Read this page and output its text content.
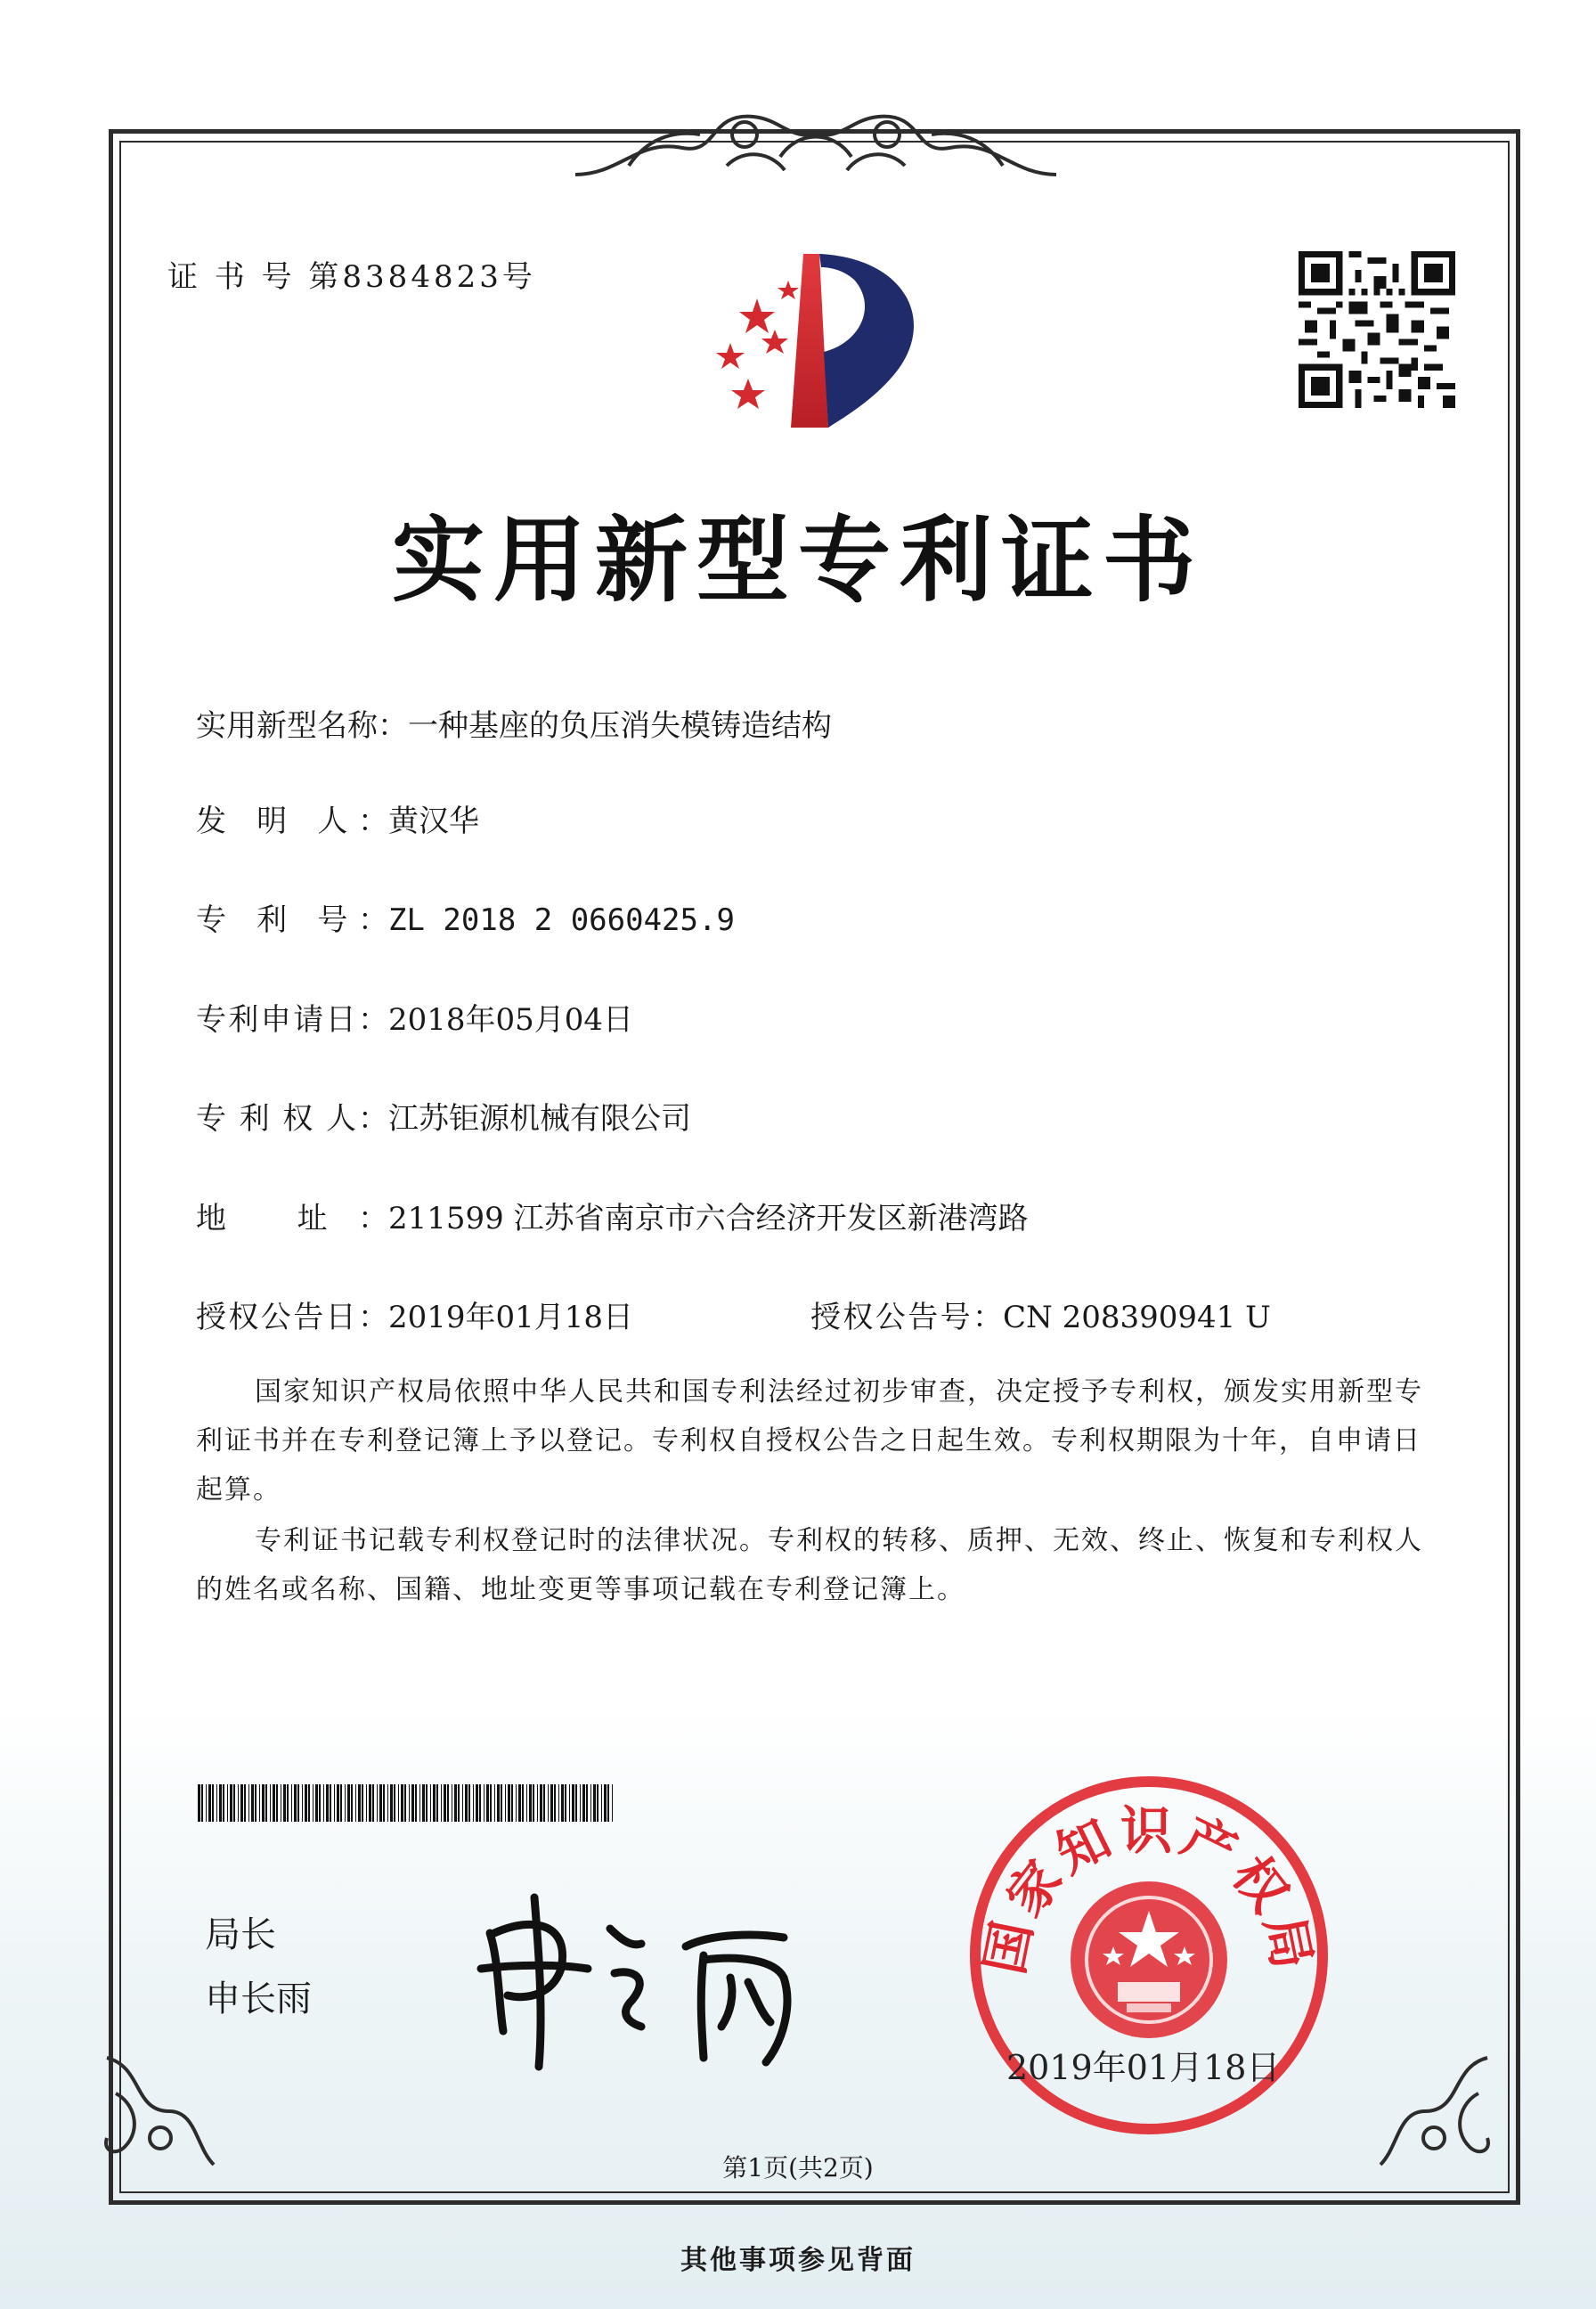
证 书 号 第8384823号
实用新型专利证书
实用新型名称：一种基座的负压消失模铸造结构
发 明 人：黄汉华
专 利 号：ZL 2018 2 0660425.9
专利申请日：2018年05月04日
专 利 权 人：江苏钜源机械有限公司
地 址：211599 江苏省南京市六合经济开发区新港湾路
授权公告日：2019年01月18日	授权公告号：CN 208390941 U
国家知识产权局依照中华人民共和国专利法经过初步审查，决定授予专利权，颁发实用新型专利证书并在专利登记簿上予以登记。专利权自授权公告之日起生效。专利权期限为十年，自申请日起算。
专利证书记载专利权登记时的法律状况。专利权的转移、质押、无效、终止、恢复和专利权人的姓名或名称、国籍、地址变更等事项记载在专利登记簿上。
局长
申长雨
国家知识产权局
2019年01月18日
第1页(共2页)
其他事项参见背面
